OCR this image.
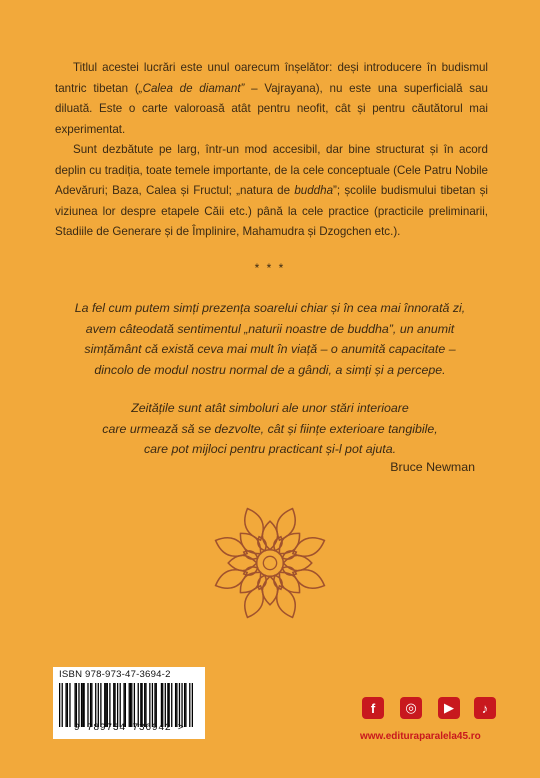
Titlul acestei lucrări este unul oarecum înșelător: deși introducere în budismul tantric tibetan („Calea de diamant” – Vajrayana), nu este una superficială sau diluată. Este o carte valoroasă atât pentru neofit, cât și pentru căutătorul mai experimentat.

Sunt dezbătute pe larg, într-un mod accesibil, dar bine structurat și în acord deplin cu tradiția, toate temele importante, de la cele conceptuale (Cele Patru Nobile Adevăruri; Baza, Calea și Fructul; „natura de buddha”; școlile budismului tibetan și viziunea lor despre etapele Căii etc.) până la cele practice (practicile preliminarii, Stadiile de Generare și de Împlinire, Mahamudra și Dzogchen etc.).

* * *
La fel cum putem simți prezența soarelui chiar și în cea mai înnorată zi,
avem câteodată sentimentul „naturii noastre de buddha”, un anumit
simțământ că există ceva mai mult în viață – o anumită capacitate –
dincolo de modul nostru normal de a gândi, a simți și a percepe.
Zeitățile sunt atât simboluri ale unor stări interioare
care urmează să se dezvolte, cât și ființe exterioare tangibile,
care pot mijloci pentru practicant și-l pot ajuta.
Bruce Newman
ISBN 978-973-47-3694-2
9 789734 736942 >
f	◎	▶	♪
www.edituraparalela45.ro
